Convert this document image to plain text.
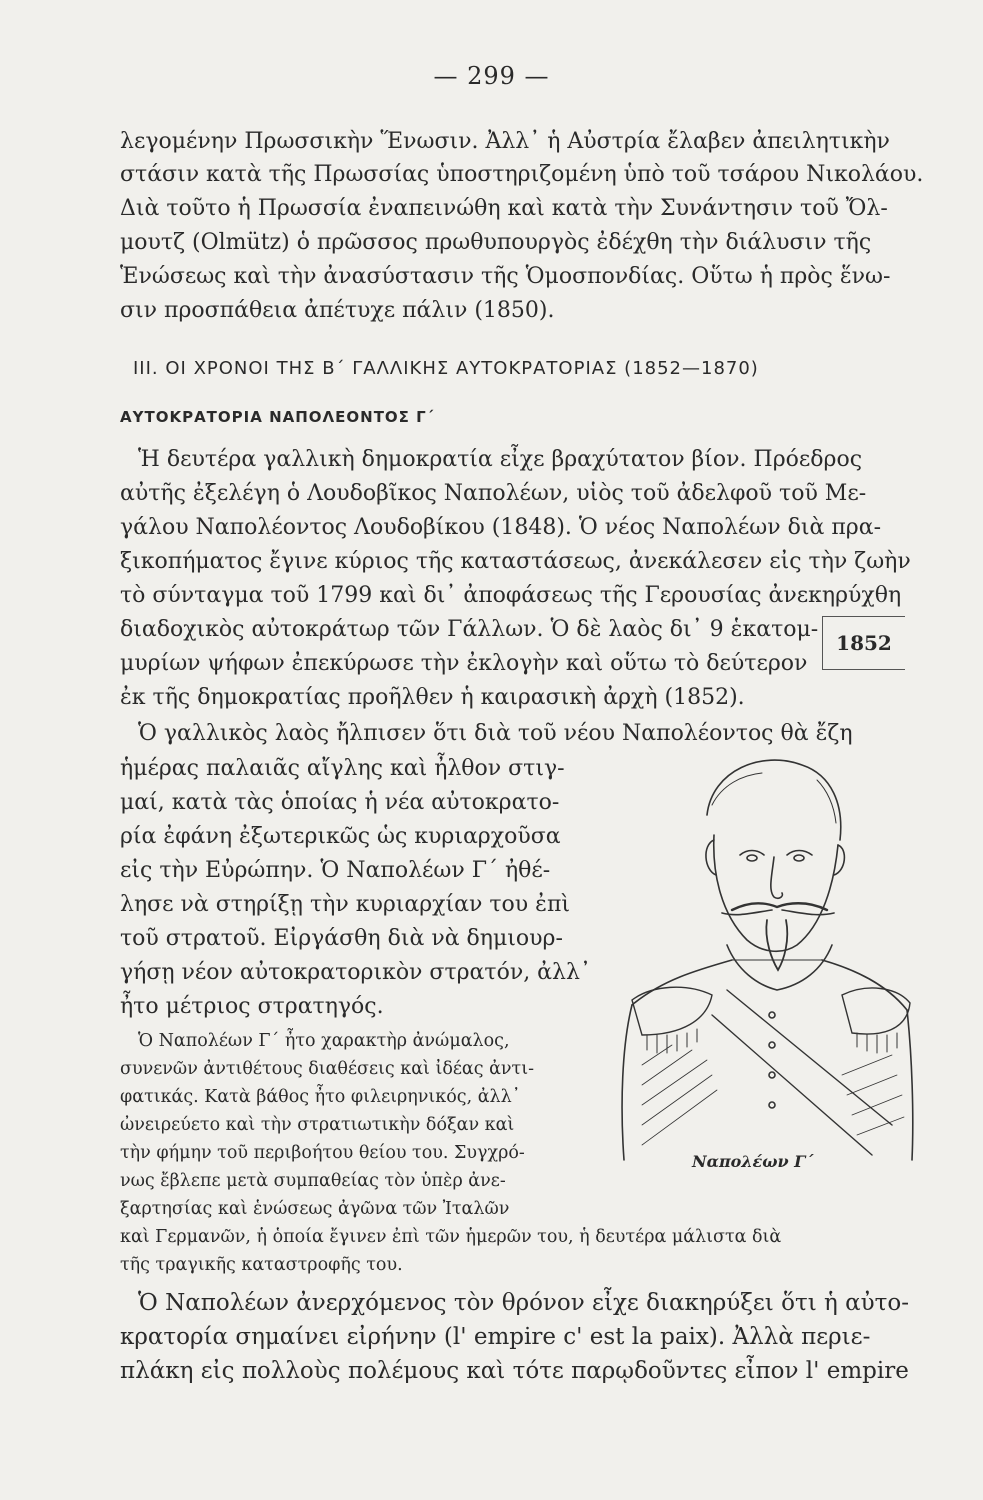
— 299 —
λεγομένην Πρωσσικὴν Ἕνωσιν. Ἀλλ᾽ ἡ Αὐστρία ἔλαβεν ἀπειλητικὴν
στάσιν κατὰ τῆς Πρωσσίας ὑποστηριζομένη ὑπὸ τοῦ τσάρου Νικολάου.
Διὰ τοῦτο ἡ Πρωσσία ἐναπεινώθη καὶ κατὰ τὴν Συνάντησιν τοῦ Ὄλ-
μουτζ (Olmütz) ὁ πρῶσσος πρωθυπουργὸς ἐδέχθη τὴν διάλυσιν τῆς
Ἑνώσεως καὶ τὴν ἀνασύστασιν τῆς Ὁμοσπονδίας. Οὕτω ἡ πρὸς ἕνω-
σιν προσπάθεια ἀπέτυχε πάλιν (1850).
III. ΟΙ ΧΡΟΝΟΙ ΤΗΣ Β΄ ΓΑΛΛΙΚΗΣ ΑΥΤΟΚΡΑΤΟΡΙΑΣ (1852—1870)
ΑΥΤΟΚΡΑΤΟΡΙΑ ΝΑΠΟΛΕΟΝΤΟΣ Γ΄
Ἡ δευτέρα γαλλικὴ δημοκρατία εἶχε βραχύτατον βίον. Πρόεδρος
αὐτῆς ἐξελέγη ὁ Λουδοβῖκος Ναπολέων, υἱὸς τοῦ ἀδελφοῦ τοῦ Με-
γάλου Ναπολέοντος Λουδοβίκου (1848). Ὁ νέος Ναπολέων διὰ πρα-
ξικοπήματος ἔγινε κύριος τῆς καταστάσεως, ἀνεκάλεσεν εἰς τὴν ζωὴν
τὸ σύνταγμα τοῦ 1799 καὶ δι᾽ ἀποφάσεως τῆς Γερουσίας ἀνεκηρύχθη
διαδοχικὸς αὐτοκράτωρ τῶν Γάλλων. Ὁ δὲ λαὸς δι᾽ 9 ἑκατομ-
μυρίων ψήφων ἐπεκύρωσε τὴν ἐκλογὴν καὶ οὕτω τὸ δεύτερον
ἐκ τῆς δημοκρατίας προῆλθεν ἡ καιρασικὴ ἀρχὴ (1852).
1852
Ὁ γαλλικὸς λαὸς ἤλπισεν ὅτι διὰ τοῦ νέου Ναπολέοντος θὰ ἔζη
ἡμέρας παλαιᾶς αἴγλης καὶ ἦλθον στιγ-
μαί, κατὰ τὰς ὁποίας ἡ νέα αὐτοκρατο-
ρία ἐφάνη ἐξωτερικῶς ὡς κυριαρχοῦσα
εἰς τὴν Εὐρώπην. Ὁ Ναπολέων Γ΄ ἠθέ-
λησε νὰ στηρίξῃ τὴν κυριαρχίαν του ἐπὶ
τοῦ στρατοῦ. Εἰργάσθη διὰ νὰ δημιουρ-
γήσῃ νέον αὐτοκρατορικὸν στρατόν, ἀλλ᾽
ἦτο μέτριος στρατηγός.
Ὁ Ναπολέων Γ΄ ἦτο χαρακτὴρ ἀνώμαλος,
συνενῶν ἀντιθέτους διαθέσεις καὶ ἰδέας ἀντι-
φατικάς. Κατὰ βάθος ἦτο φιλειρηνικός, ἀλλ᾽
ὠνειρεύετο καὶ τὴν στρατιωτικὴν δόξαν καὶ
τὴν φήμην τοῦ περιβοήτου θείου του. Συγχρό-
νως ἔβλεπε μετὰ συμπαθείας τὸν ὑπὲρ ἀνε-
ξαρτησίας καὶ ἑνώσεως ἀγῶνα τῶν Ἰταλῶν
καὶ Γερμανῶν, ἡ ὁποία ἔγινεν ἐπὶ τῶν ἡμερῶν του, ἡ δευτέρα μάλιστα διὰ
τῆς τραγικῆς καταστροφῆς του.
Ναπολέων Γ΄
Ὁ Ναπολέων ἀνερχόμενος τὸν θρόνον εἶχε διακηρύξει ὅτι ἡ αὐτο-
κρατορία σημαίνει εἰρήνην (l' empire c' est la paix). Ἀλλὰ περιε-
πλάκη εἰς πολλοὺς πολέμους καὶ τότε παρῳδοῦντες εἶπον l' empire
